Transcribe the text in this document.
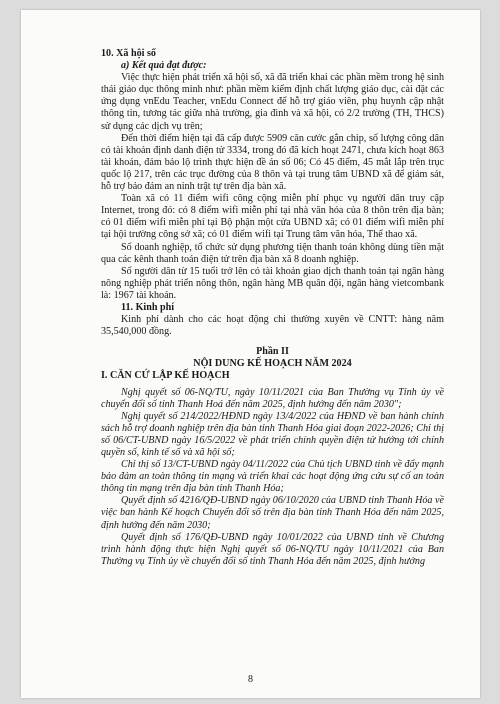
10. Xã hội số

a) Kết quả đạt được:

Việc thực hiện phát triển xã hội số, xã đã triển khai các phần mềm trong hệ sinh thái giáo dục thông minh như: phần mềm kiểm định chất lượng giáo dục, cài đặt các ứng dụng vnEdu Teacher, vnEdu Connect để hỗ trợ giáo viên, phụ huynh cập nhật thông tin, tương tác giữa nhà trường, gia đình và xã hội, có 2/2 trường (TH, THCS) sử dụng các dịch vụ trên;

Đến thời điểm hiện tại đã cấp được 5909 căn cước gắn chip, số lượng công dân có tài khoản định danh điện tử 3334, trong đó đã kích hoạt 2471, chưa kích hoạt 863 tài khoản, đảm bảo lộ trình thực hiện đề án số 06; Có 45 điểm, 45 mắt lắp trên trục quốc lộ 217, trên các trục đường của 8 thôn và tại trung tâm UBND xã để giám sát, hỗ trợ bảo đảm an ninh trật tự trên địa bàn xã.

Toàn xã có 11 điểm wifi công cộng miễn phí phục vụ người dân truy cập Internet, trong đó: có 8 điểm wifi miễn phí tại nhà văn hóa của 8 thôn trên địa bàn; có 01 điểm wifi miễn phí tại Bộ phận một cửa UBND xã; có 01 điểm wifi miễn phí tại hội trường công sở xã; có 01 điểm wifi tại Trung tâm văn hóa, Thể thao xã.

Số doanh nghiệp, tổ chức sử dụng phương tiện thanh toán không dùng tiền mặt qua các kênh thanh toán điện tử trên địa bàn xã 8 doanh nghiệp.

Số người dân từ 15 tuổi trở lên có tài khoản giao dịch thanh toán tại ngân hàng nông nghiệp phát triển nông thôn, ngân hàng MB quân đội, ngân hàng vietcombank là: 1967 tài khoản.

11. Kinh phí

Kinh phí dành cho các hoạt động chi thường xuyên về CNTT: hàng năm 35,540,000 đồng.

Phần II

NỘI DUNG KẾ HOẠCH NĂM 2024

I. CĂN CỨ LẬP KẾ HOẠCH

Nghị quyết số 06-NQ/TU, ngày 10/11/2021 của Ban Thường vụ Tỉnh ủy về chuyển đổi số tỉnh Thanh Hoá đến năm 2025, định hướng đến năm 2030";

Nghị quyết số 214/2022/HĐND ngày 13/4/2022 của HĐND về ban hành chính sách hỗ trợ doanh nghiệp trên địa bàn tỉnh Thanh Hóa giai đoạn 2022-2026; Chỉ thị số 06/CT-UBND ngày 16/5/2022 về phát triển chính quyền điện tử hướng tới chính quyền số, kinh tế số và xã hội số;

Chỉ thị số 13/CT-UBND ngày 04/11/2022 của Chủ tịch UBND tỉnh về đẩy mạnh bảo đảm an toàn thông tin mạng và triển khai các hoạt động ứng cứu sự cố an toàn thông tin mạng trên địa bàn tỉnh Thanh Hóa;

Quyết định số 4216/QĐ-UBND ngày 06/10/2020 của UBND tỉnh Thanh Hóa về việc ban hành Kế hoạch Chuyển đổi số trên địa bàn tỉnh Thanh Hóa đến năm 2025, định hướng đến năm 2030;

Quyết định số 176/QĐ-UBND ngày 10/01/2022 của UBND tỉnh về Chương trình hành động thực hiện Nghị quyết số 06-NQ/TU ngày 10/11/2021 của Ban Thường vụ Tỉnh ủy về chuyển đổi số tỉnh Thanh Hóa đến năm 2025, định hướng

8
